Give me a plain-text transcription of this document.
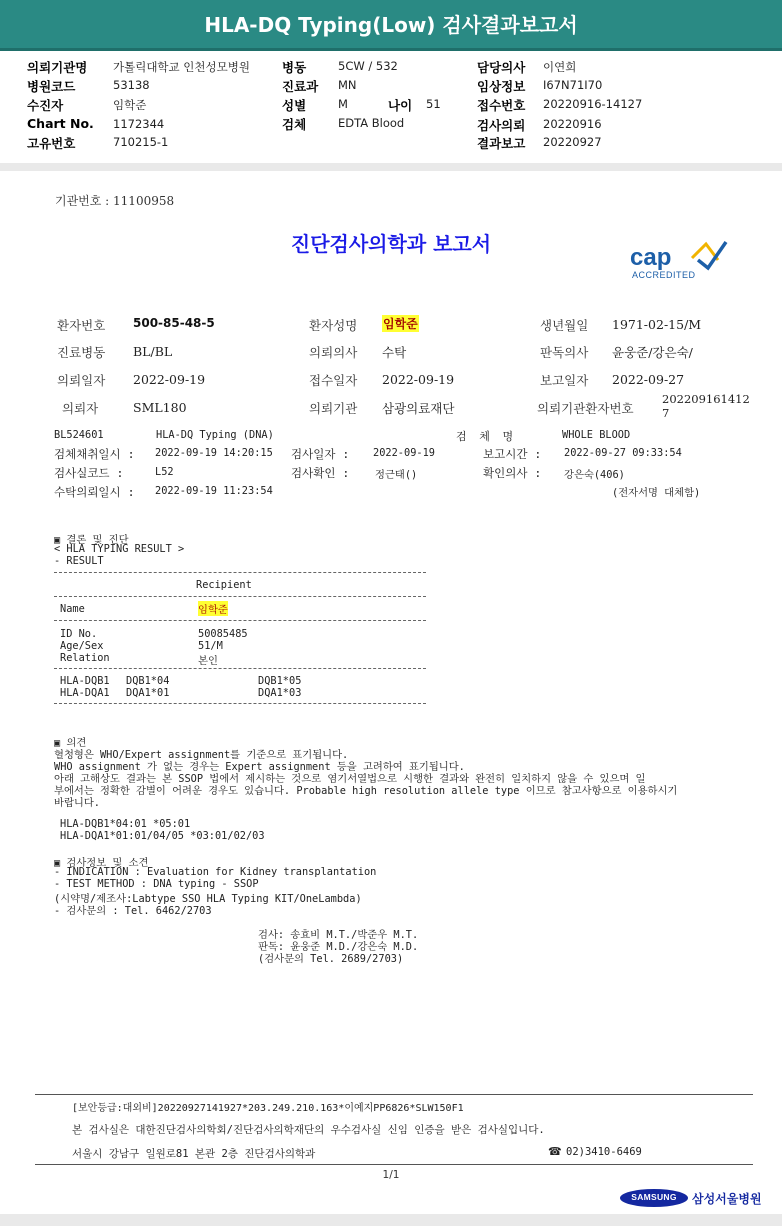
HLA-DQ Typing(Low) 검사결과보고서
의뢰기관명 가톨릭대학교 인천성모병원
병원코드	53138
수진자	임학준
Chart No. 1172344
고유번호	710215-1
병동	5CW / 532
진료과 MN
성별	M	나이 51
검체	EDTA Blood
담당의사 이연희
임상정보 I67N71I70
접수번호 20220916-14127
검사의뢰 20220916
결과보고 20220927
기관번호 : 11100958
진단검사의학과 보고서	cap
ACCREDITED
환자번호 500-85-48-5	환자성명 임학준	생년월일 1971-02-15/M
진료병동 BL/BL	의뢰의사 수탁	판독의사 윤웅준/강은숙/
의뢰일자 2022-09-19	접수일자 2022-09-19	보고일자 2022-09-27
의뢰자	SML180	의뢰기관 삼광의료재단	의뢰기관환자번호
202209161412
7
BL524601	HLA-DQ Typing (DNA)	검 체 명	WHOLE BLOOD
검체채취일시 : 2022-09-19 14:20:15 검사일자 : 2022-09-19	보고시간 : 2022-09-27 09:33:54
검사실코드 :	L52	검사확인 : 정근태()	확인의사 : 강은숙(406)
수탁의뢰일시 : 2022-09-19 11:23:54	(전자서명 대체함)
▣ 결론 및 진단
< HLA TYPING RESULT >
- RESULT
Recipient
Name	임학준
ID No.	50085485
Age/Sex	51/M
Relation	본인
HLA-DQB1 DQB1*04	DQB1*05
HLA-DQA1 DQA1*01	DQA1*03
▣ 의견
혈청형은 WHO/Expert assignment를 기준으로 표기됩니다.
WHO assignment 가 없는 경우는 Expert assignment 등을 고려하여 표기됩니다.
아래 고해상도 결과는 본 SSOP 법에서 제시하는 것으로 염기서열법으로 시행한 결과와 완전히 일치하지 않을 수 있으며 일
부에서는 정확한 감별이 어려운 경우도 있습니다. Probable high resolution allele type 이므로 참고사항으로 이용하시기
바랍니다.
HLA-DQB1*04:01 *05:01
HLA-DQA1*01:01/04/05 *03:01/02/03
▣ 검사정보 및 소견
- INDICATION : Evaluation for Kidney transplantation
- TEST METHOD : DNA typing - SSOP
(시약명/제조사:Labtype SSO HLA Typing KIT/OneLambda)
- 검사문의 : Tel. 6462/2703
검사: 송효비 M.T./박준우 M.T.
판독: 윤웅준 M.D./강은숙 M.D.
(검사문의 Tel. 2689/2703)
[보안등급:대외비]20220927141927*203.249.210.163*이예지PP6826*SLW150F1
본 검사실은 대한진단검사의학회/진단검사의학재단의 우수검사실 신임 인증을 받은 검사실입니다.
서울시 강남구 일원로81 본관 2층 진단검사의학과	☎ 02)3410-6469
1/1
SAMSUNG	삼성서울병원
